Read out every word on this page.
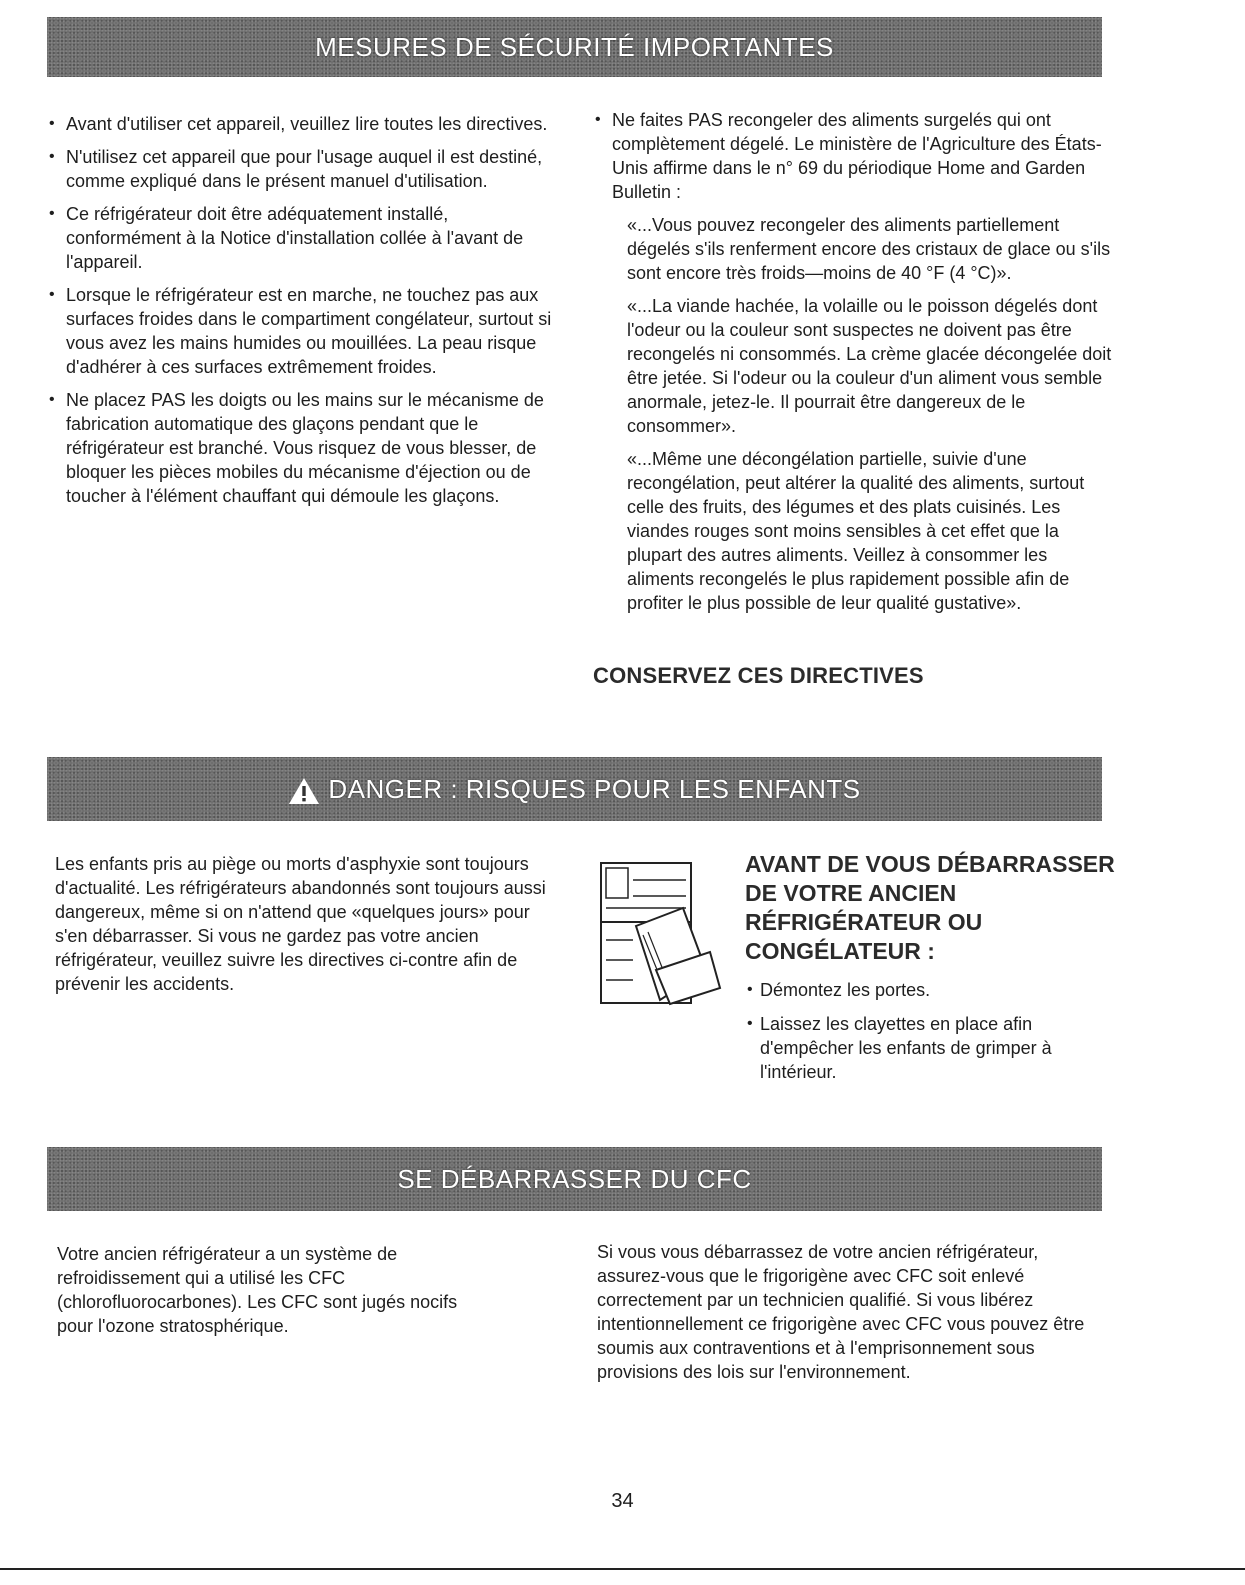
MESURES DE SÉCURITÉ IMPORTANTES
• Avant d'utiliser cet appareil, veuillez lire toutes les directives.
• N'utilisez cet appareil que pour l'usage auquel il est destiné, comme expliqué dans le présent manuel d'utilisation.
• Ce réfrigérateur doit être adéquatement installé, conformément à la Notice d'installation collée à l'avant de l'appareil.
• Lorsque le réfrigérateur est en marche, ne touchez pas aux surfaces froides dans le compartiment congélateur, surtout si vous avez les mains humides ou mouillées. La peau risque d'adhérer à ces surfaces extrêmement froides.
• Ne placez PAS les doigts ou les mains sur le mécanisme de fabrication automatique des glaçons pendant que le réfrigérateur est branché. Vous risquez de vous blesser, de bloquer les pièces mobiles du mécanisme d'éjection ou de toucher à l'élément chauffant qui démoule les glaçons.
• Ne faites PAS recongeler des aliments surgelés qui ont complètement dégelé. Le ministère de l'Agriculture des États-Unis affirme dans le n° 69 du périodique Home and Garden Bulletin :
«...Vous pouvez recongeler des aliments partiellement dégelés s'ils renferment encore des cristaux de glace ou s'ils sont encore très froids—moins de 40 °F (4 °C)».
«...La viande hachée, la volaille ou le poisson dégelés dont l'odeur ou la couleur sont suspectes ne doivent pas être recongelés ni consommés. La crème glacée décongelée doit être jetée. Si l'odeur ou la couleur d'un aliment vous semble anormale, jetez-le. Il pourrait être dangereux de le consommer».
«...Même une décongélation partielle, suivie d'une recongélation, peut altérer la qualité des aliments, surtout celle des fruits, des légumes et des plats cuisinés. Les viandes rouges sont moins sensibles à cet effet que la plupart des autres aliments. Veillez à consommer les aliments recongelés le plus rapidement possible afin de profiter le plus possible de leur qualité gustative».
CONSERVEZ CES DIRECTIVES
DANGER : RISQUES POUR LES ENFANTS
Les enfants pris au piège ou morts d'asphyxie sont toujours d'actualité. Les réfrigérateurs abandonnés sont toujours aussi dangereux, même si on n'attend que «quelques jours» pour s'en débarrasser. Si vous ne gardez pas votre ancien réfrigérateur, veuillez suivre les directives ci-contre afin de prévenir les accidents.

AVANT DE VOUS DÉBARRASSER DE VOTRE ANCIEN RÉFRIGÉRATEUR OU CONGÉLATEUR :

• Démontez les portes.
• Laissez les clayettes en place afin d'empêcher les enfants de grimper à l'intérieur.
SE DÉBARRASSER DU CFC
Votre ancien réfrigérateur a un système de refroidissement qui a utilisé les CFC (chlorofluorocarbones). Les CFC sont jugés nocifs pour l'ozone stratosphérique.
Si vous vous débarrassez de votre ancien réfrigérateur, assurez-vous que le frigorigène avec CFC soit enlevé correctement par un technicien qualifié. Si vous libérez intentionnellement ce frigorigène avec CFC vous pouvez être soumis aux contraventions et à l'emprisonnement sous provisions des lois sur l'environnement.
34
